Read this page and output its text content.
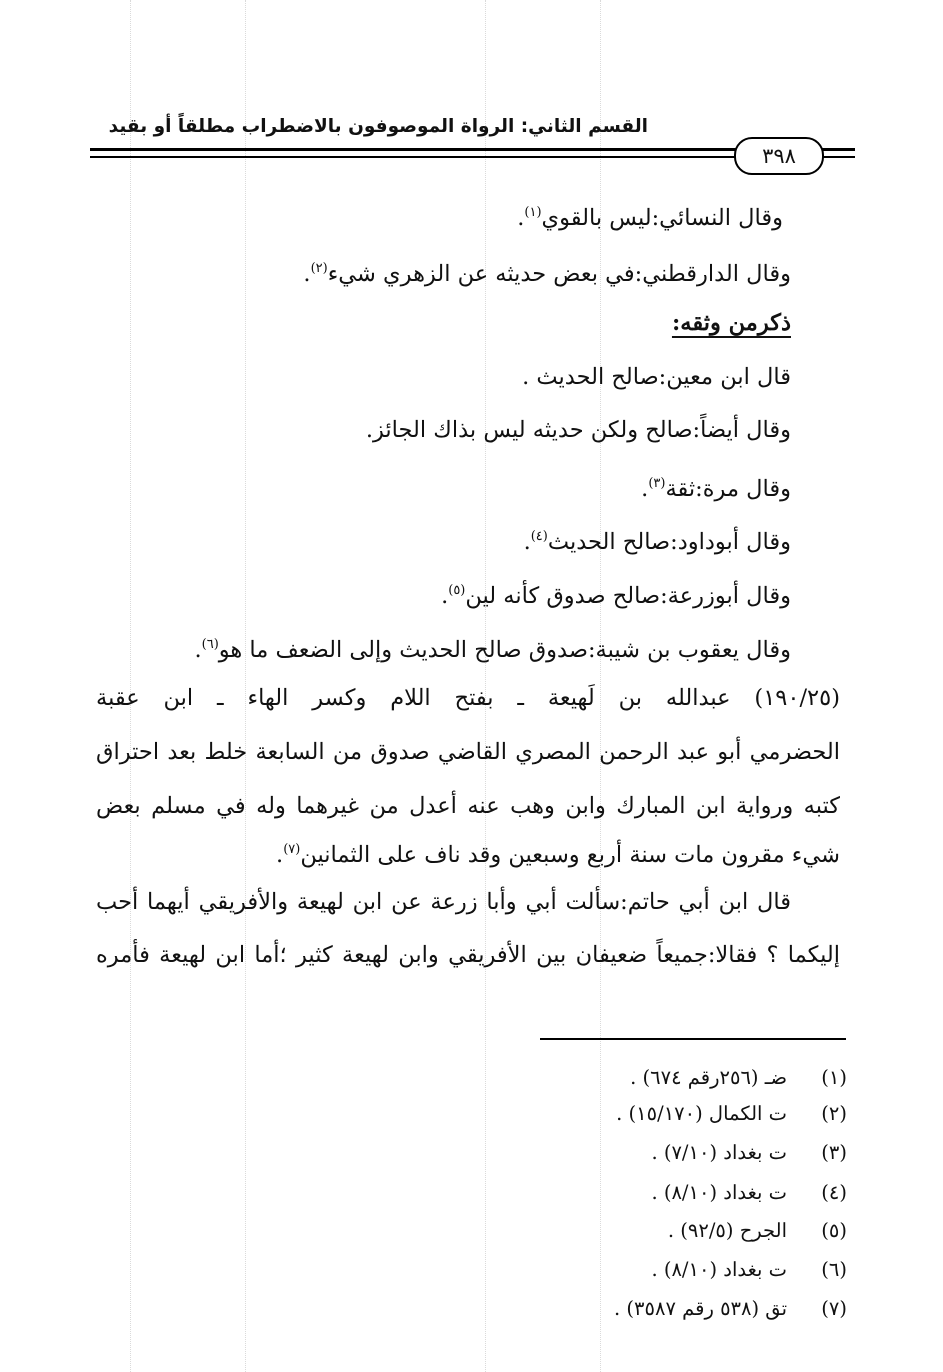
القسم الثاني: الرواة الموصوفون بالاضطراب مطلقاً أو بقيد
٣٩٨
وقال النسائي:ليس بالقوي$^{(١)}$.
وقال الدارقطني:في بعض حديثه عن الزهري شيء$^{(٢)}$.
ذكرمن وثقه:
قال ابن معين:صالح الحديث .
وقال أيضاً:صالح ولكن حديثه ليس بذاك الجائز.
وقال مرة:ثقة$^{(٣)}$.
وقال أبوداود:صالح الحديث$^{(٤)}$.
وقال أبوزرعة:صالح صدوق كأنه لين$^{(٥)}$.
وقال يعقوب بن شيبة:صدوق صالح الحديث وإلى الضعف ما هو$^{(٦)}$.
(١٩٠/٢٥) عبدالله بن لَهيعة ـ بفتح اللام وكسر الهاء ـ ابن عقبة
الحضرمي أبو عبد الرحمن المصري القاضي صدوق من السابعة خلط بعد احتراق
كتبه ورواية ابن المبارك وابن وهب عنه أعدل من غيرهما وله في مسلم بعض
شيء مقرون مات سنة أربع وسبعين وقد ناف على الثمانين$^{(٧)}$.
قال ابن أبي حاتم:سألت أبي وأبا زرعة عن ابن لهيعة والأفريقي أيهما أحب
إليكما ؟ فقالا:جميعاً ضعيفان بين الأفريقي وابن لهيعة كثير ؛أما ابن لهيعة فأمره
(١)
ضـ (٢٥٦رقم ٦٧٤) .
(٢)
ت الكمال (١٥/١٧٠) .
(٣)
ت بغداد (٧/١٠) .
(٤)
ت بغداد (٨/١٠) .
(٥)
الجرح (٩٢/٥) .
(٦)
ت بغداد (٨/١٠) .
(٧)
تق (٥٣٨ رقم ٣٥٨٧) .
